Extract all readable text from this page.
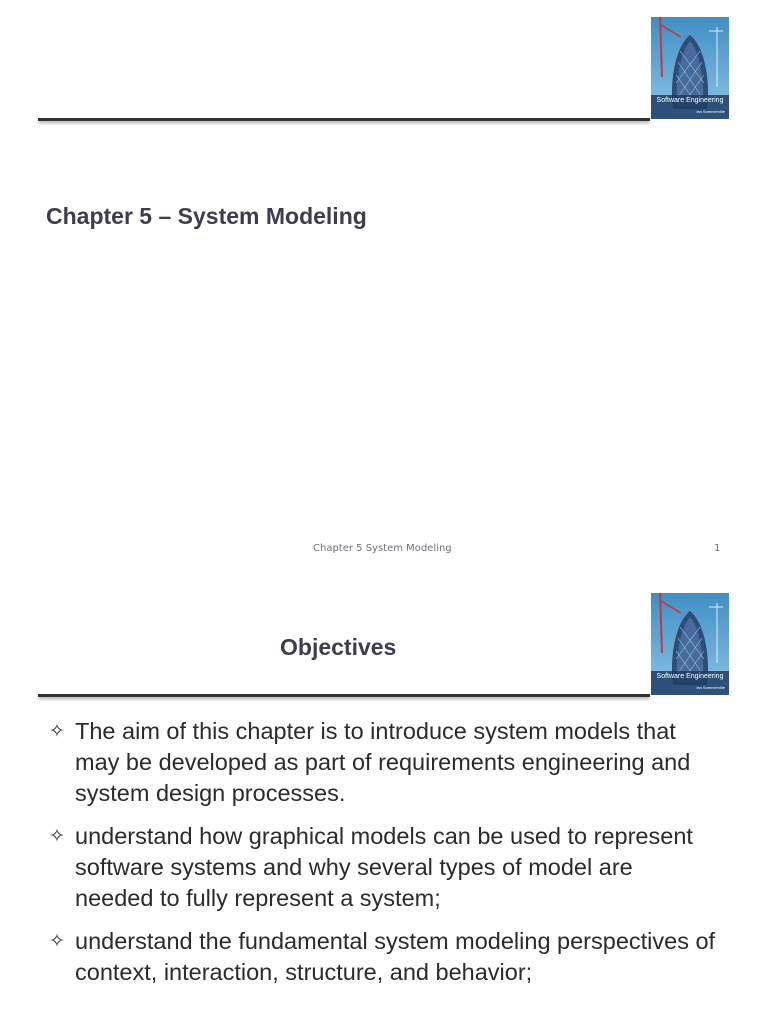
Software Engineering
Ian Sommerville
Chapter 5 – System Modeling
Chapter 5 System Modeling	1
Software Engineering
Ian Sommerville
Objectives
✧ The aim of this chapter is to introduce system models that may be developed as part of requirements engineering and system design processes.
✧ understand how graphical models can be used to represent software systems and why several types of model are needed to fully represent a system;
✧ understand the fundamental system modeling perspectives of context, interaction, structure, and behavior;
